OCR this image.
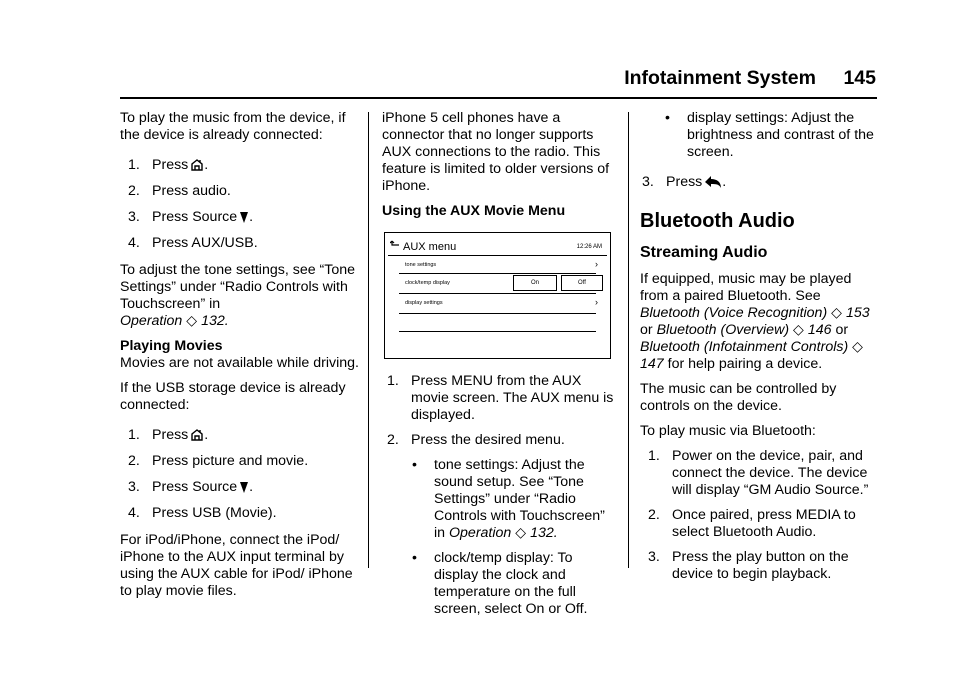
Infotainment System 145

To play the music from the device, if the device is already connected:

1. Press .
2. Press audio.
3. Press Source .
4. Press AUX/USB.

To adjust the tone settings, see “Tone Settings” under “Radio Controls with Touchscreen” in
Operation ◇ 132.

Playing Movies

Movies are not available while driving.

If the USB storage device is already connected:

1. Press .
2. Press picture and movie.
3. Press Source .
4. Press USB (Movie).

For iPod/iPhone, connect the iPod/ iPhone to the AUX input terminal by using the AUX cable for iPod/ iPhone to play movie files.

iPhone 5 cell phones have a connector that no longer supports AUX connections to the radio. This feature is limited to older versions of iPhone.

Using the AUX Movie Menu

AUX menu	12:26 AM
tone settings	›
clock/temp display	On	Off
display settings	›
1. Press MENU from the AUX movie screen. The AUX menu is displayed.
2. Press the desired menu.
•	tone settings: Adjust the sound setup. See “Tone Settings” under “Radio Controls with Touchscreen” in Operation ◇ 132.
•	clock/temp display: To display the clock and temperature on the full screen, select On or Off.
•	display settings: Adjust the brightness and contrast of the screen.
3. Press .

Bluetooth Audio

Streaming Audio

If equipped, music may be played from a paired Bluetooth. See Bluetooth (Voice Recognition) ◇ 153 or Bluetooth (Overview) ◇ 146 or Bluetooth (Infotainment Controls) ◇ 147 for help pairing a device.

The music can be controlled by controls on the device.

To play music via Bluetooth:

1. Power on the device, pair, and connect the device. The device will display “GM Audio Source.”
2. Once paired, press MEDIA to select Bluetooth Audio.
3. Press the play button on the device to begin playback.
